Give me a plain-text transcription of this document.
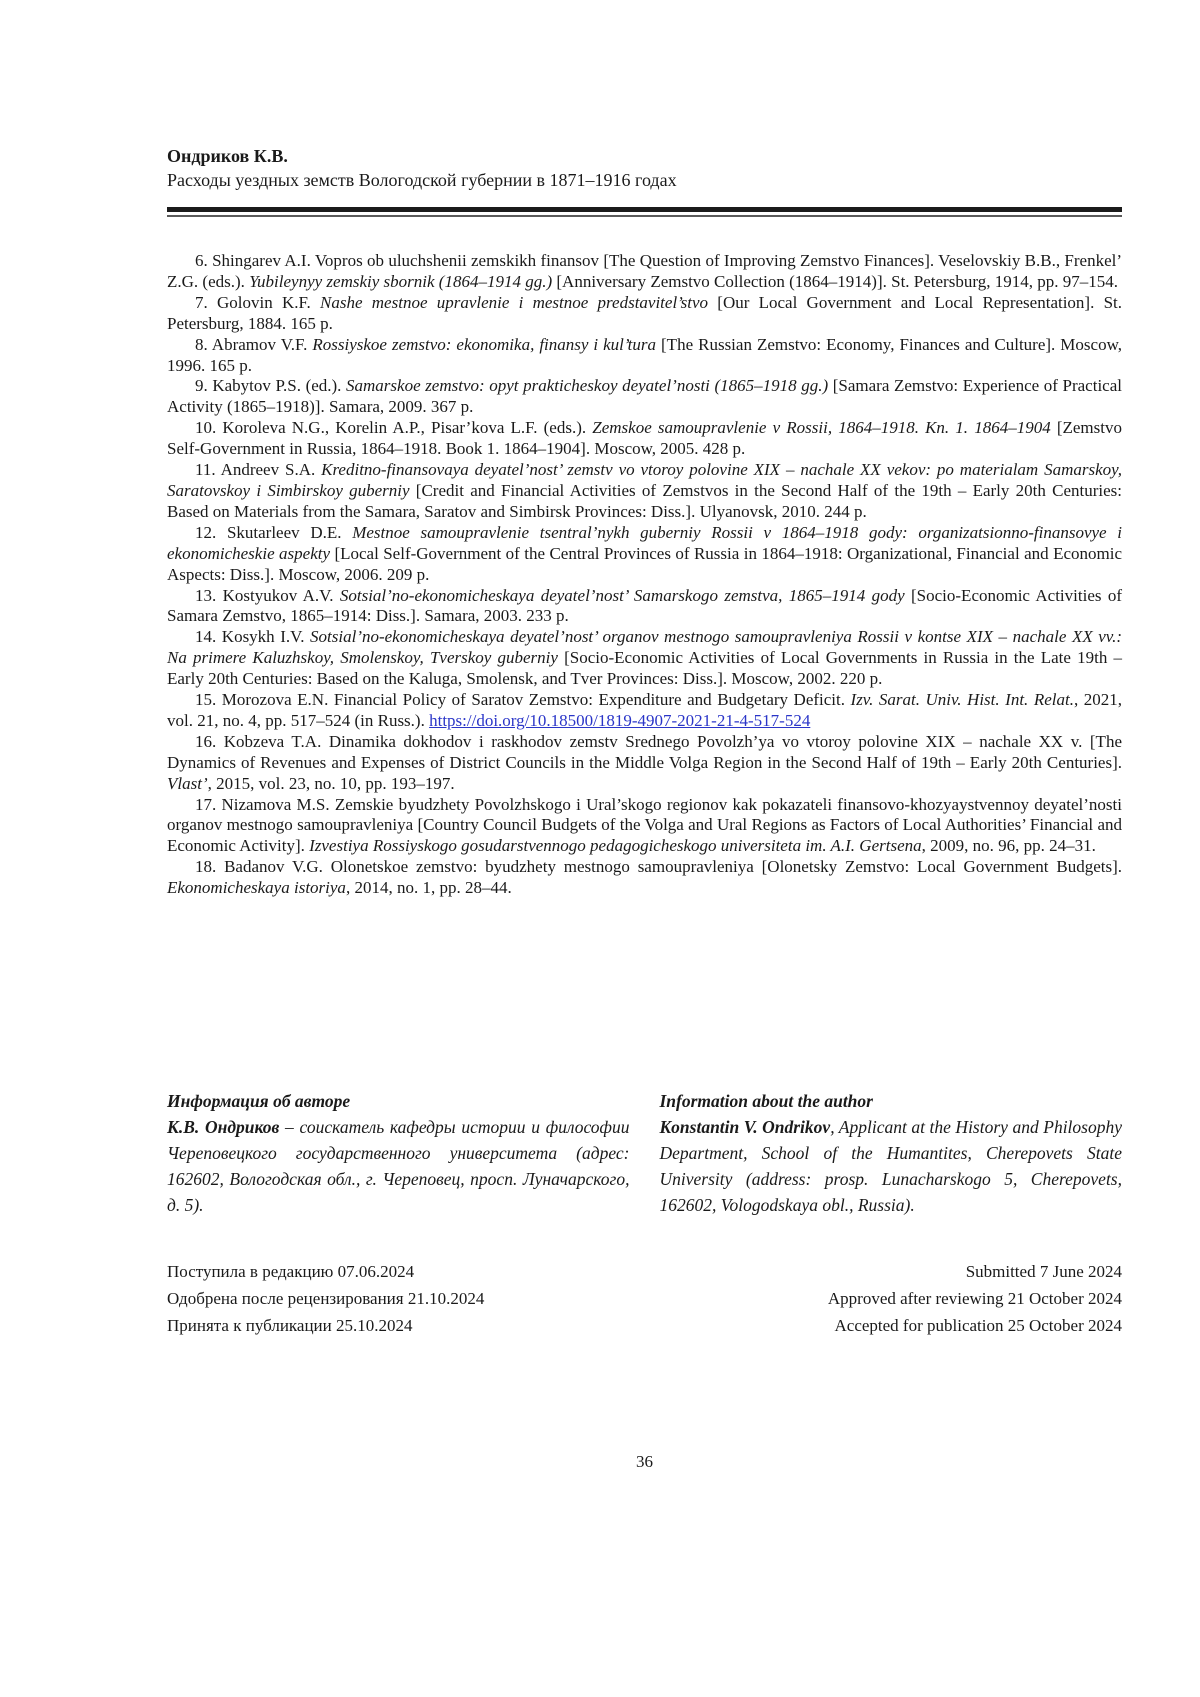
Ондриков К.В.
Расходы уездных земств Вологодской губернии в 1871–1916 годах

6. Shingarev A.I. Vopros ob uluchshenii zemskikh finansov [The Question of Improving Zemstvo Finances]. Veselovskiy B.B., Frenkel’ Z.G. (eds.). Yubileynyy zemskiy sbornik (1864–1914 gg.) [Anniversary Zemstvo Collection (1864–1914)]. St. Petersburg, 1914, pp. 97–154.

7. Golovin K.F. Nashe mestnoe upravlenie i mestnoe predstavitel’stvo [Our Local Government and Local Representation]. St. Petersburg, 1884. 165 p.

8. Abramov V.F. Rossiyskoe zemstvo: ekonomika, finansy i kul’tura [The Russian Zemstvo: Economy, Finances and Culture]. Moscow, 1996. 165 p.

9. Kabytov P.S. (ed.). Samarskoe zemstvo: opyt prakticheskoy deyatel’nosti (1865–1918 gg.) [Samara Zemstvo: Experience of Practical Activity (1865–1918)]. Samara, 2009. 367 p.

10. Koroleva N.G., Korelin A.P., Pisar’kova L.F. (eds.). Zemskoe samoupravlenie v Rossii, 1864–1918. Kn. 1. 1864–1904 [Zemstvo Self-Government in Russia, 1864–1918. Book 1. 1864–1904]. Moscow, 2005. 428 p.

11. Andreev S.A. Kreditno-finansovaya deyatel’nost’ zemstv vo vtoroy polovine XIX – nachale XX vekov: po materialam Samarskoy, Saratovskoy i Simbirskoy guberniy [Credit and Financial Activities of Zemstvos in the Second Half of the 19th – Early 20th Centuries: Based on Materials from the Samara, Saratov and Simbirsk Provinces: Diss.]. Ulyanovsk, 2010. 244 p.

12. Skutarleev D.E. Mestnoe samoupravlenie tsentral’nykh guberniy Rossii v 1864–1918 gody: organizatsionno-finansovye i ekonomicheskie aspekty [Local Self-Government of the Central Provinces of Russia in 1864–1918: Organizational, Financial and Economic Aspects: Diss.]. Moscow, 2006. 209 p.

13. Kostyukov A.V. Sotsial’no-ekonomicheskaya deyatel’nost’ Samarskogo zemstva, 1865–1914 gody [Socio-Economic Activities of Samara Zemstvo, 1865–1914: Diss.]. Samara, 2003. 233 p.

14. Kosykh I.V. Sotsial’no-ekonomicheskaya deyatel’nost’ organov mestnogo samoupravleniya Rossii v kontse XIX – nachale XX vv.: Na primere Kaluzhskoy, Smolenskoy, Tverskoy guberniy [Socio-Economic Activities of Local Governments in Russia in the Late 19th – Early 20th Centuries: Based on the Kaluga, Smolensk, and Tver Provinces: Diss.]. Moscow, 2002. 220 p.

15. Morozova E.N. Financial Policy of Saratov Zemstvo: Expenditure and Budgetary Deficit. Izv. Sarat. Univ. Hist. Int. Relat., 2021, vol. 21, no. 4, pp. 517–524 (in Russ.). https://doi.org/10.18500/1819-4907-2021-21-4-517-524

16. Kobzeva T.A. Dinamika dokhodov i raskhodov zemstv Srednego Povolzh’ya vo vtoroy polovine XIX – nachale XX v. [The Dynamics of Revenues and Expenses of District Councils in the Middle Volga Region in the Second Half of 19th – Early 20th Centuries]. Vlast’, 2015, vol. 23, no. 10, pp. 193–197.

17. Nizamova M.S. Zemskie byudzhety Povolzhskogo i Ural’skogo regionov kak pokazateli finansovo-khozyaystvennoy deyatel’nosti organov mestnogo samoupravleniya [Country Council Budgets of the Volga and Ural Regions as Factors of Local Authorities’ Financial and Economic Activity]. Izvestiya Rossiyskogo gosudarstvennogo pedagogicheskogo universiteta im. A.I. Gertsena, 2009, no. 96, pp. 24–31.

18. Badanov V.G. Olonetskoe zemstvo: byudzhety mestnogo samoupravleniya [Olonetsky Zemstvo: Local Government Budgets]. Ekonomicheskaya istoriya, 2014, no. 1, pp. 28–44.

Информация об авторе

К.В. Ондриков – соискатель кафедры истории и философии Череповецкого государственного университета (адрес: 162602, Вологодская обл., г. Череповец, просп. Луначарского, д. 5).

Information about the author

Konstantin V. Ondrikov, Applicant at the History and Philosophy Department, School of the Humantites, Cherepovets State University (address: prosp. Lunacharskogo 5, Cherepovets, 162602, Vologodskaya obl., Russia).

Поступила в редакцию 07.06.2024
Одобрена после рецензирования 21.10.2024
Принята к публикации 25.10.2024
Submitted 7 June 2024
Approved after reviewing 21 October 2024
Accepted for publication 25 October 2024
36
